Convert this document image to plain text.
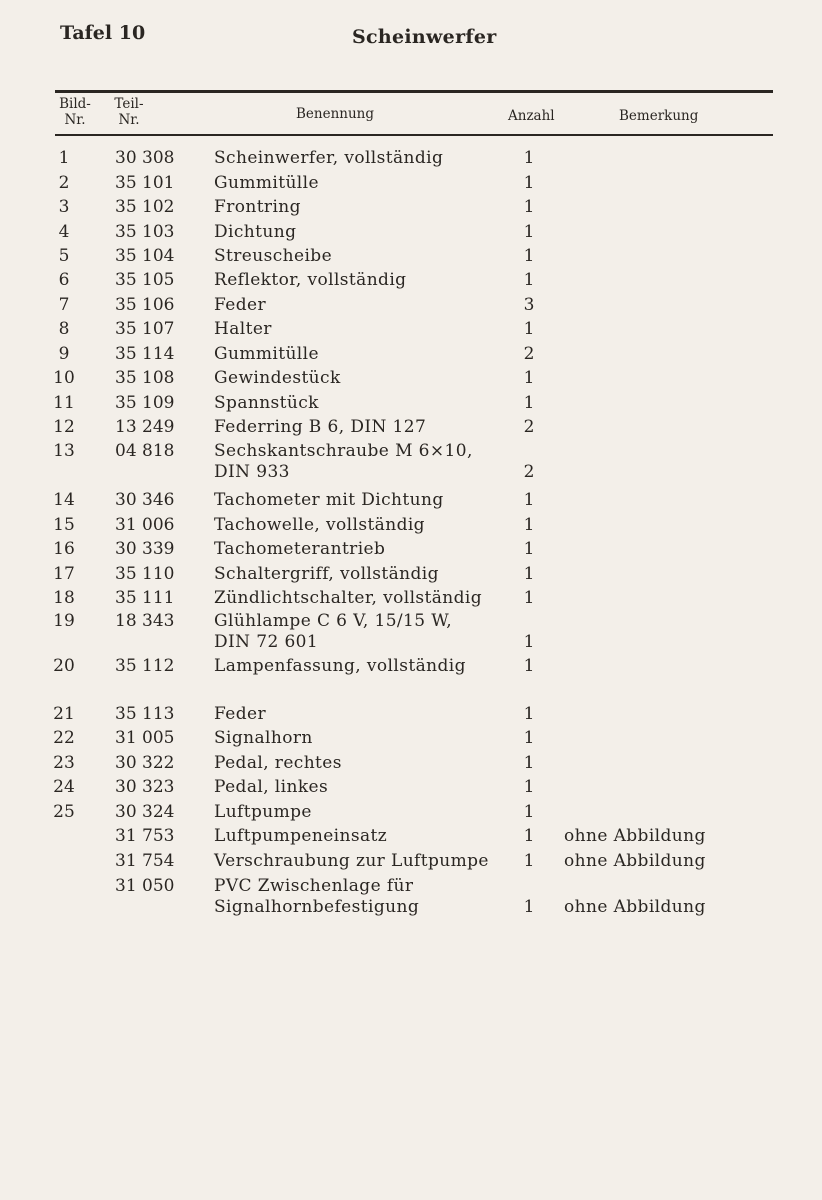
Tafel 10	Scheinwerfer
Bild-
Nr.
Teil-
Nr.	Benennung	Anzahl	Bemerkung
1	30 308 Scheinwerfer, vollständig	1
2	35 101 Gummitülle	1
3	35 102 Frontring	1
4	35 103 Dichtung	1
5	35 104 Streuscheibe	1
6	35 105 Reflektor, vollständig	1
7	35 106 Feder	3
8	35 107 Halter	1
9	35 114 Gummitülle	2
10	35 108 Gewindestück	1
11	35 109 Spannstück	1
12	13 249 Federring B 6, DIN 127	2
13	04 818 Sechskantschraube M 6×10,
DIN 933	2
14	30 346 Tachometer mit Dichtung	1
15	31 006 Tachowelle, vollständig	1
16	30 339 Tachometerantrieb	1
17	35 110 Schaltergriff, vollständig	1
18	35 111 Zündlichtschalter, vollständig	1
19	18 343 Glühlampe C 6 V, 15/15 W,
DIN 72 601	1
20	35 112 Lampenfassung, vollständig	1
21	35 113 Feder	1
22	31 005 Signalhorn	1
23	30 322 Pedal, rechtes	1
24	30 323 Pedal, linkes	1
25	30 324 Luftpumpe	1
31 753 Luftpumpeneinsatz	1	ohne Abbildung
31 754 Verschraubung zur Luftpumpe	1	ohne Abbildung
31 050 PVC Zwischenlage für
Signalhornbefestigung	1	ohne Abbildung
